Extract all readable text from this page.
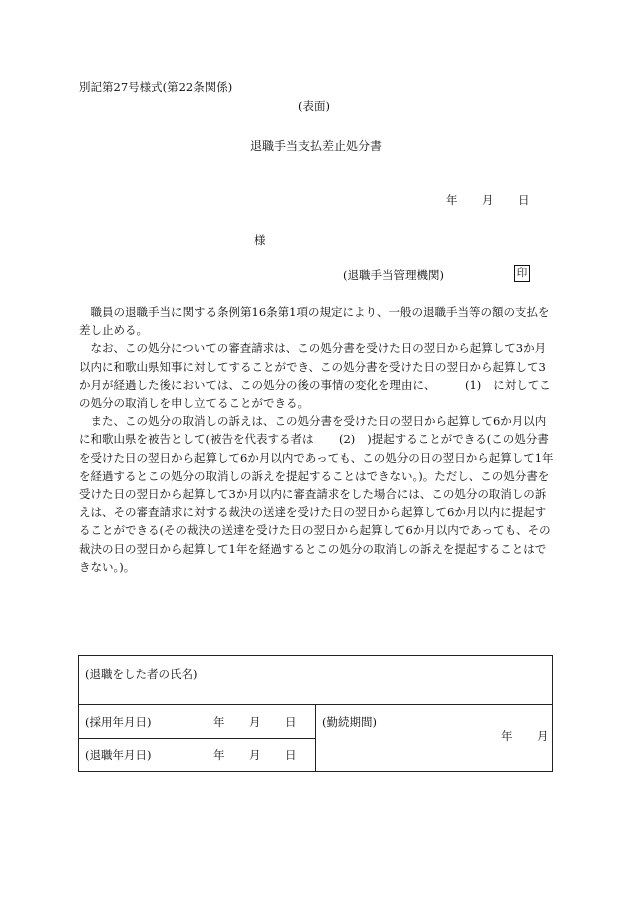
別記第27号様式(第22条関係)
(表面)
退職手当支払差止処分書
年 月 日
様
(退職手当管理機関)	印

職員の退職手当に関する条例第16条第1項の規定により、一般の退職手当等の額の支払を差し止める。

なお、この処分についての審査請求は、この処分書を受けた日の翌日から起算して3か月以内に和歌山県知事に対してすることができ、この処分書を受けた日の翌日から起算して3か月が経過した後においては、この処分の後の事情の変化を理由に、	(1) に対してこの処分の取消しを申し立てることができる。

また、この処分の取消しの訴えは、この処分書を受けた日の翌日から起算して6か月以内に和歌山県を被告として(被告を代表する者は (2) )提起することができる(この処分書を受けた日の翌日から起算して6か月以内であっても、この処分の日の翌日から起算して1年を経過するとこの処分の取消しの訴えを提起することはできない。)。ただし、この処分書を受けた日の翌日から起算して3か月以内に審査請求をした場合には、この処分の取消しの訴えは、その審査請求に対する裁決の送達を受けた日の翌日から起算して6か月以内に提起することができる(その裁決の送達を受けた日の翌日から起算して6か月以内であっても、その裁決の日の翌日から起算して1年を経過するとこの処分の取消しの訴えを提起することはできない。)。

(退職をした者の氏名)
(採用年月日)	年 月 日
(退職年月日)	年 月 日
(勤続期間)
年 月
